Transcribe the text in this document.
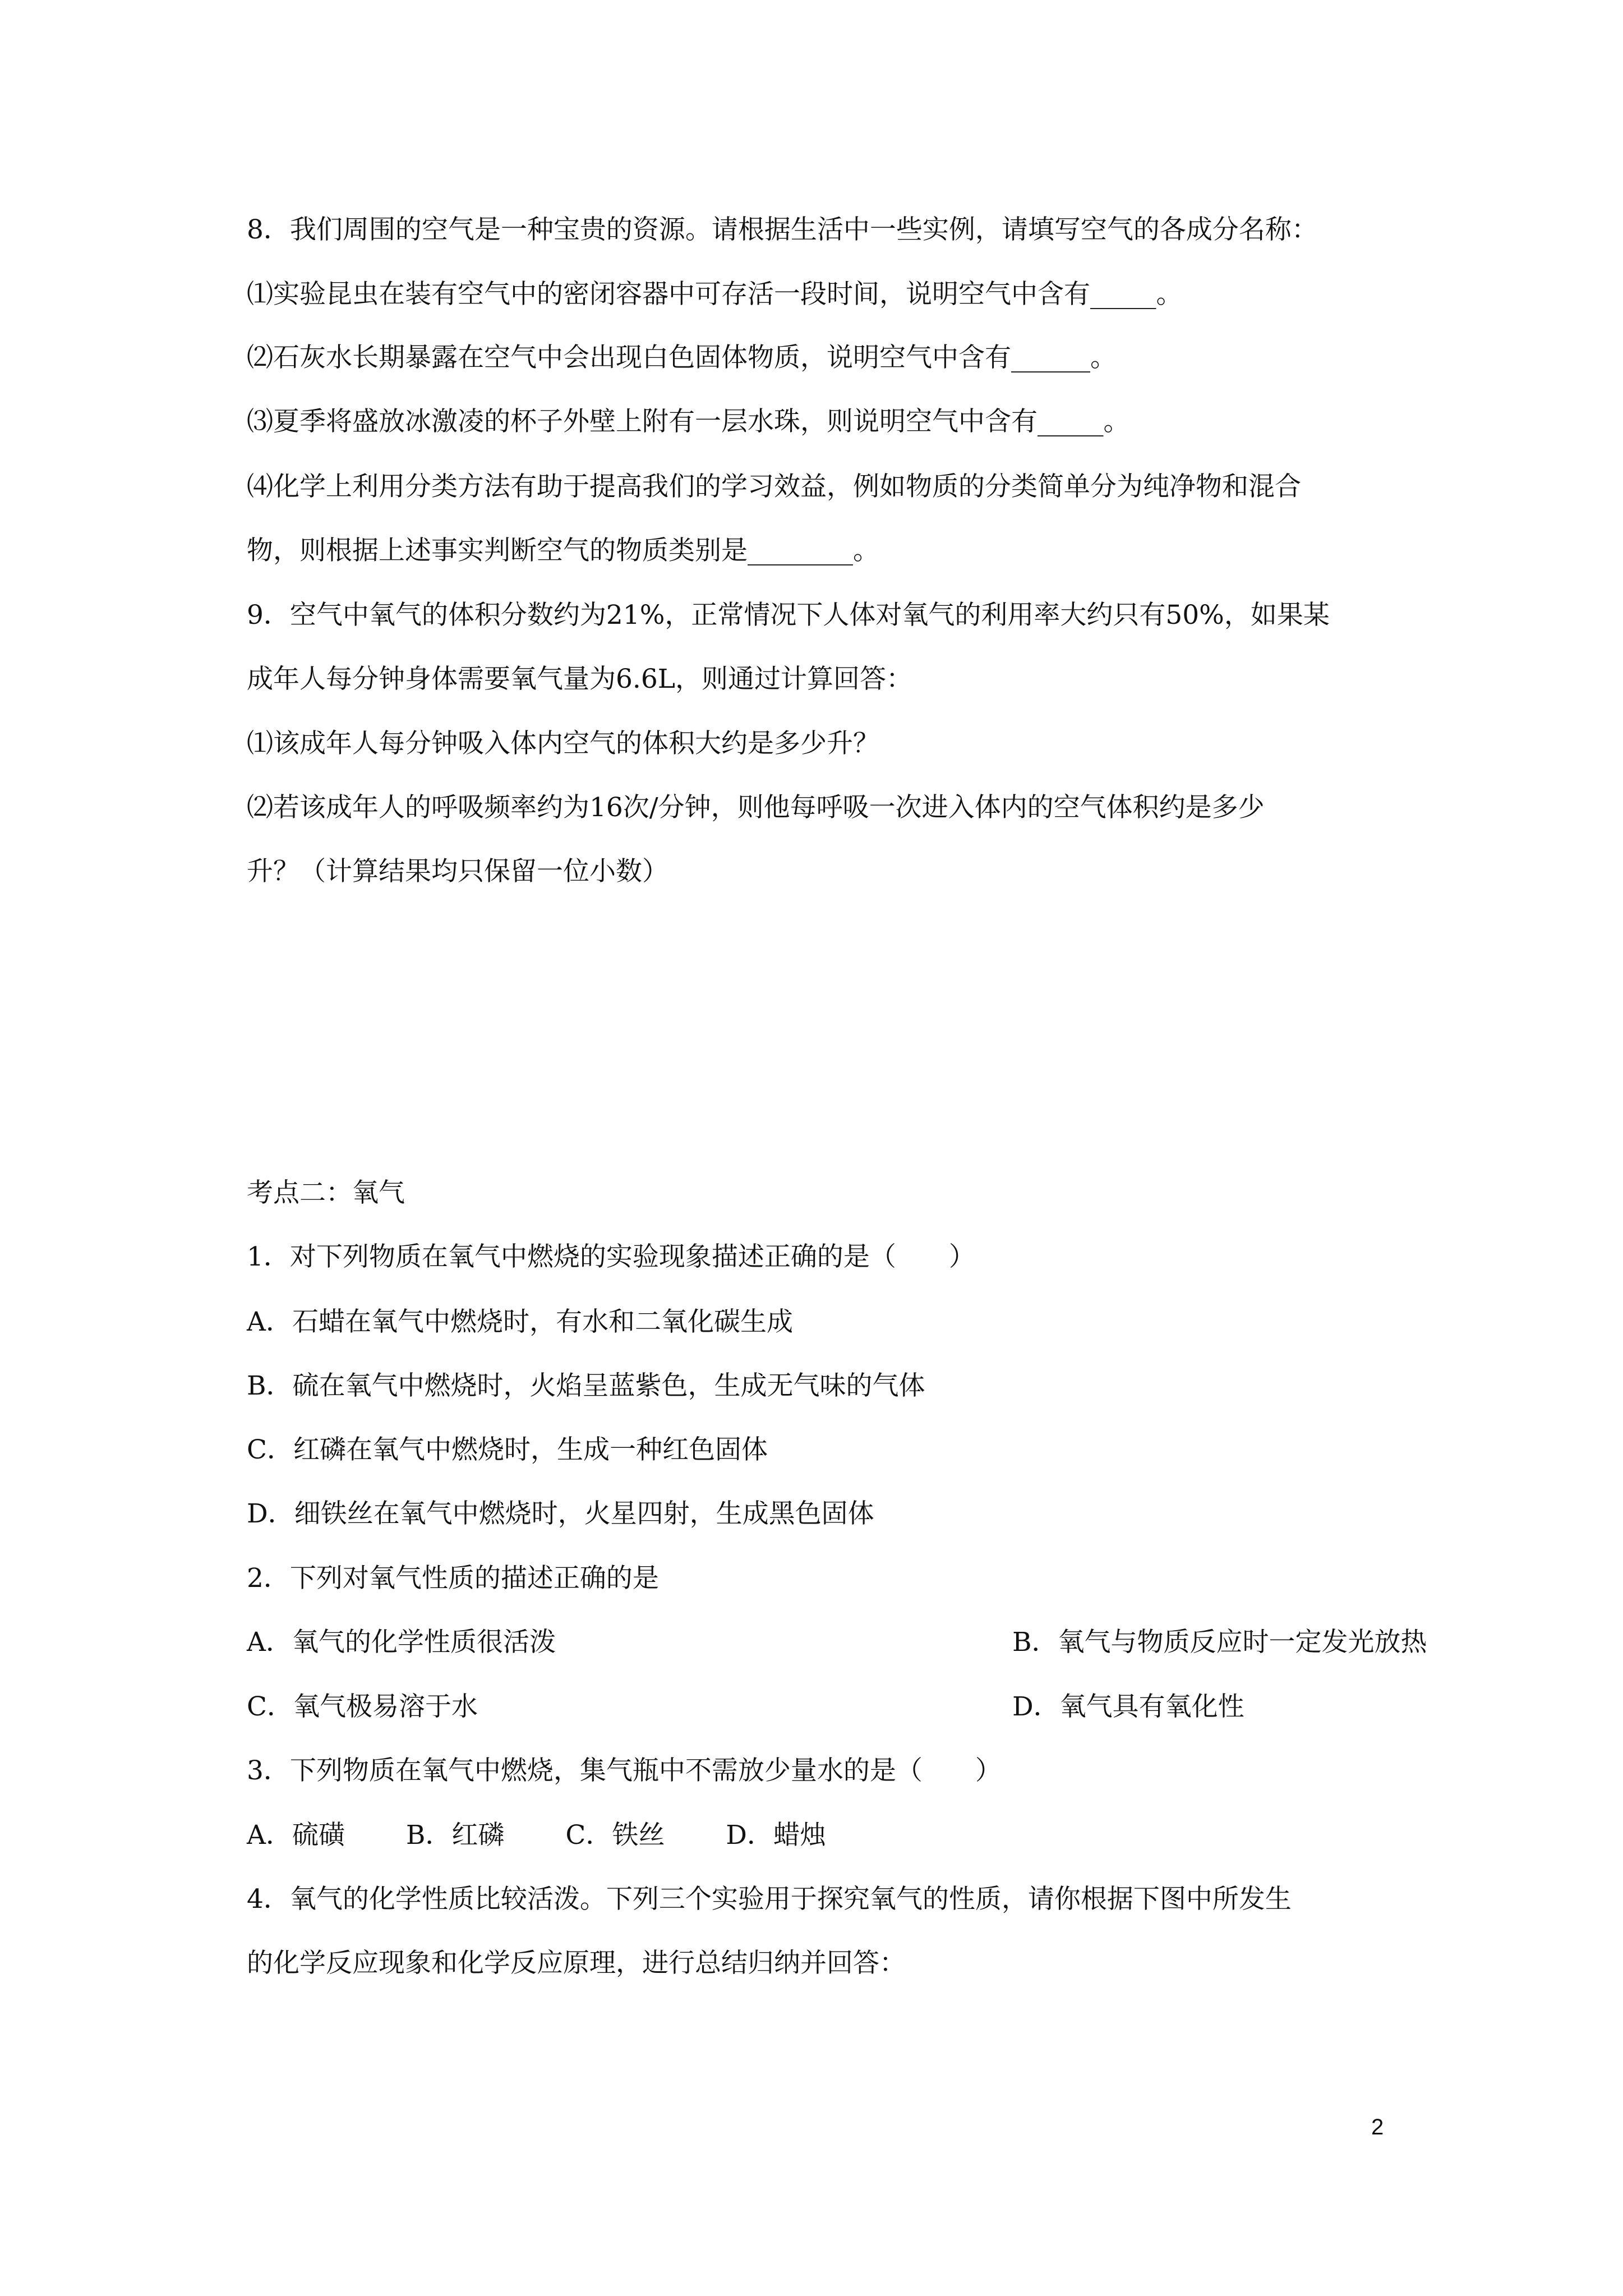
8．我们周围的空气是一种宝贵的资源。请根据生活中一些实例，请填写空气的各成分名称：
⑴实验昆虫在装有空气中的密闭容器中可存活一段时间，说明空气中含有_____。
⑵石灰水长期暴露在空气中会出现白色固体物质，说明空气中含有______。
⑶夏季将盛放冰激凌的杯子外壁上附有一层水珠，则说明空气中含有_____。
⑷化学上利用分类方法有助于提高我们的学习效益，例如物质的分类简单分为纯净物和混合
物，则根据上述事实判断空气的物质类别是________。
9．空气中氧气的体积分数约为21%，正常情况下人体对氧气的利用率大约只有50%，如果某
成年人每分钟身体需要氧气量为6.6L，则通过计算回答：
⑴该成年人每分钟吸入体内空气的体积大约是多少升？
⑵若该成年人的呼吸频率约为16次/分钟，则他每呼吸一次进入体内的空气体积约是多少
升？（计算结果均只保留一位小数）
考点二：氧气
1．对下列物质在氧气中燃烧的实验现象描述正确的是（　　）
A．石蜡在氧气中燃烧时，有水和二氧化碳生成
B．硫在氧气中燃烧时，火焰呈蓝紫色，生成无气味的气体
C．红磷在氧气中燃烧时，生成一种红色固体
D．细铁丝在氧气中燃烧时，火星四射，生成黑色固体
2．下列对氧气性质的描述正确的是
A．氧气的化学性质很活泼	B．氧气与物质反应时一定发光放热
C．氧气极易溶于水	D．氧气具有氧化性
3．下列物质在氧气中燃烧，集气瓶中不需放少量水的是（　　）
A．硫磺　　 B．红磷　　 C．铁丝　　 D．蜡烛
4．氧气的化学性质比较活泼。下列三个实验用于探究氧气的性质，请你根据下图中所发生
的化学反应现象和化学反应原理，进行总结归纳并回答：
2
